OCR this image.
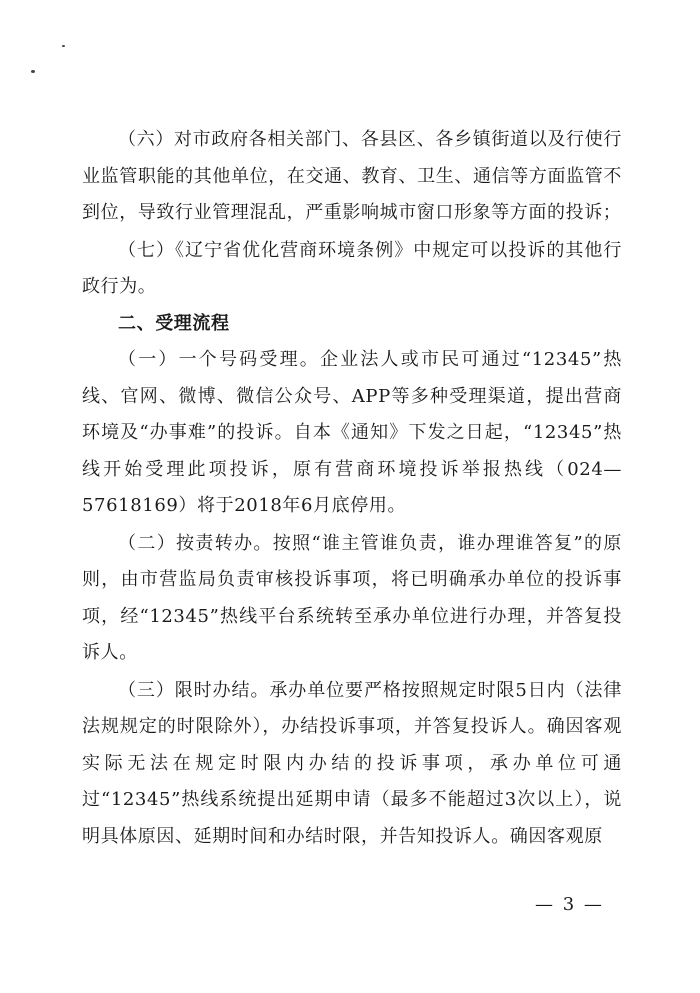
（六）对市政府各相关部门、各县区、各乡镇街道以及行使行业监管职能的其他单位，在交通、教育、卫生、通信等方面监管不到位，导致行业管理混乱，严重影响城市窗口形象等方面的投诉；

（七）《辽宁省优化营商环境条例》中规定可以投诉的其他行政行为。

二、受理流程

（一）一个号码受理。企业法人或市民可通过“12345”热线、官网、微博、微信公众号、APP等多种受理渠道，提出营商环境及“办事难”的投诉。自本《通知》下发之日起，“12345”热线开始受理此项投诉，原有营商环境投诉举报热线（024—57618169）将于2018年6月底停用。

（二）按责转办。按照“谁主管谁负责，谁办理谁答复”的原则，由市营监局负责审核投诉事项，将已明确承办单位的投诉事项，经“12345”热线平台系统转至承办单位进行办理，并答复投诉人。

（三）限时办结。承办单位要严格按照规定时限5日内（法律法规规定的时限除外），办结投诉事项，并答复投诉人。确因客观实际无法在规定时限内办结的投诉事项，承办单位可通过“12345”热线系统提出延期申请（最多不能超过3次以上），说明具体原因、延期时间和办结时限，并告知投诉人。确因客观原

— 3 —
